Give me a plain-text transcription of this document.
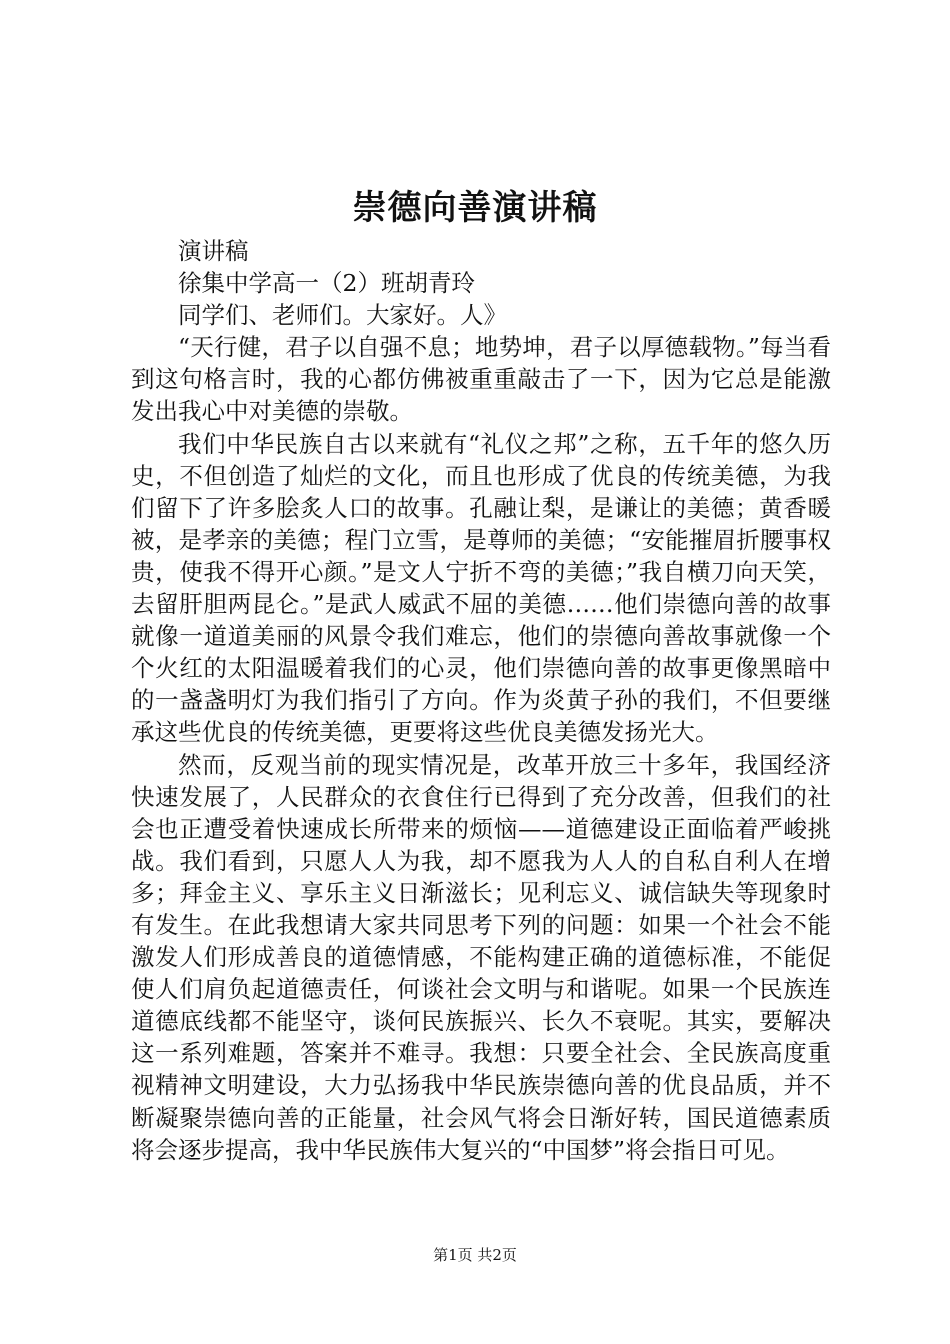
崇德向善演讲稿

演讲稿

徐集中学高一（2）班胡青玲

同学们、老师们。大家好。人》

“天行健，君子以自强不息；地势坤，君子以厚德载物。”每当看到这句格言时，我的心都仿佛被重重敲击了一下，因为它总是能激发出我心中对美德的崇敬。

我们中华民族自古以来就有“礼仪之邦”之称，五千年的悠久历史，不但创造了灿烂的文化，而且也形成了优良的传统美德，为我们留下了许多脍炙人口的故事。孔融让梨，是谦让的美德；黄香暖被，是孝亲的美德；程门立雪，是尊师的美德；“安能摧眉折腰事权贵，使我不得开心颜。”是文人宁折不弯的美德；”我自横刀向天笑，去留肝胆两昆仑。”是武人威武不屈的美德……他们崇德向善的故事就像一道道美丽的风景令我们难忘，他们的崇德向善故事就像一个个火红的太阳温暖着我们的心灵，他们崇德向善的故事更像黑暗中的一盏盏明灯为我们指引了方向。作为炎黄子孙的我们，不但要继承这些优良的传统美德，更要将这些优良美德发扬光大。

然而，反观当前的现实情况是，改革开放三十多年，我国经济快速发展了，人民群众的衣食住行已得到了充分改善，但我们的社会也正遭受着快速成长所带来的烦恼——道德建设正面临着严峻挑战。我们看到，只愿人人为我，却不愿我为人人的自私自利人在增多；拜金主义、享乐主义日渐滋长；见利忘义、诚信缺失等现象时有发生。在此我想请大家共同思考下列的问题：如果一个社会不能激发人们形成善良的道德情感，不能构建正确的道德标准，不能促使人们肩负起道德责任，何谈社会文明与和谐呢。如果一个民族连道德底线都不能坚守，谈何民族振兴、长久不衰呢。其实，要解决这一系列难题，答案并不难寻。我想：只要全社会、全民族高度重视精神文明建设，大力弘扬我中华民族崇德向善的优良品质，并不断凝聚崇德向善的正能量，社会风气将会日渐好转，国民道德素质将会逐步提高，我中华民族伟大复兴的“中国梦”将会指日可见。

第1页 共2页
